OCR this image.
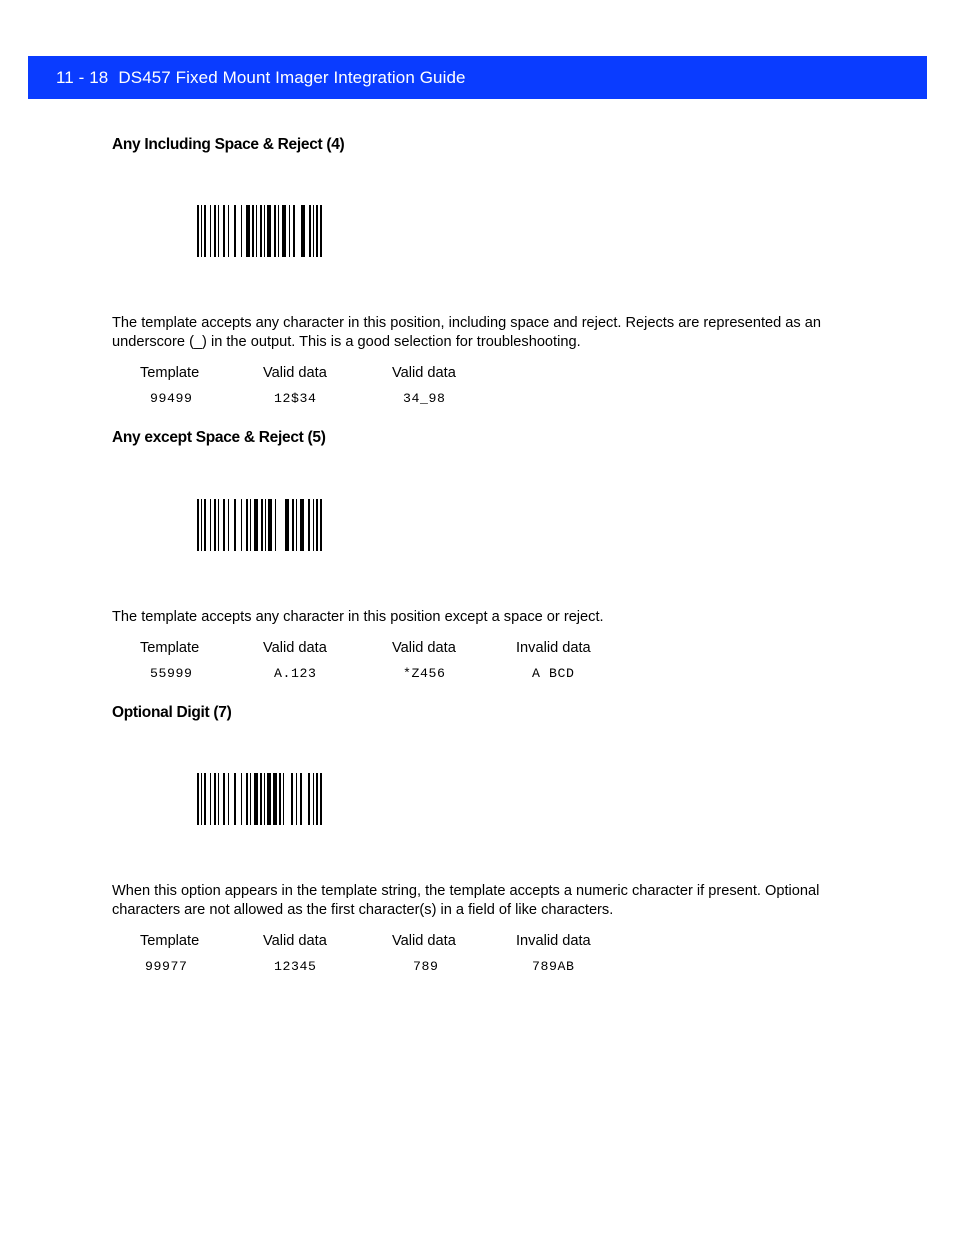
11 - 18 DS457 Fixed Mount Imager Integration Guide
Any Including Space & Reject (4)
The template accepts any character in this position, including space and reject. Rejects are represented as an underscore (_) in the output. This is a good selection for troubleshooting.
Template	Valid data	Valid data
99499	12$34	34_98
Any except Space & Reject (5)
The template accepts any character in this position except a space or reject.
Template	Valid data	Valid data	Invalid data
55999	A.123	*Z456	A BCD
Optional Digit (7)
When this option appears in the template string, the template accepts a numeric character if present. Optional characters are not allowed as the first character(s) in a field of like characters.
Template	Valid data	Valid data	Invalid data
99977	12345	789	789AB
